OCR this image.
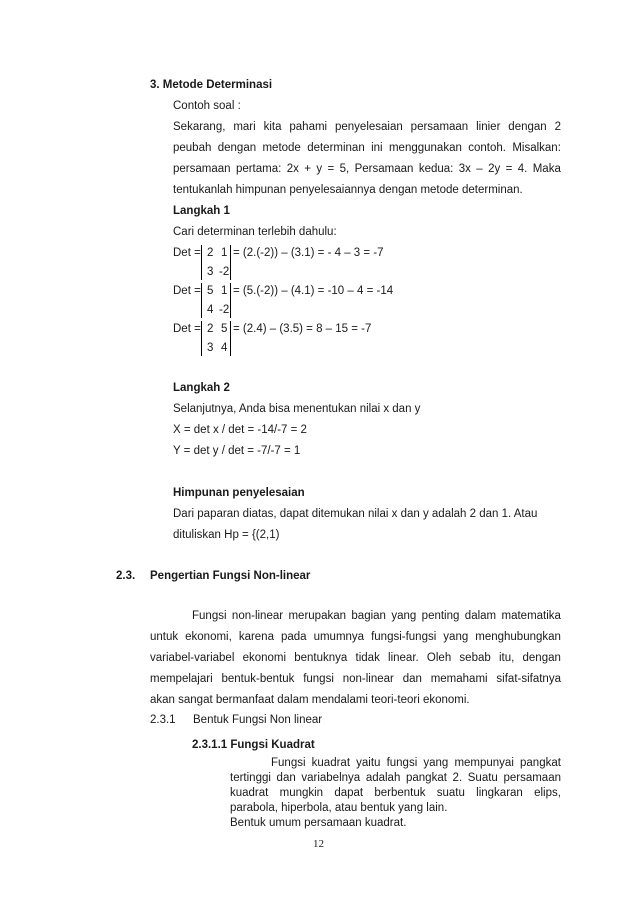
3. Metode Determinasi
Contoh soal :
Sekarang, mari kita pahami penyelesaian persamaan linier dengan 2
peubah dengan metode determinan ini menggunakan contoh. Misalkan:
persamaan pertama: 2x + y = 5, Persamaan kedua: 3x – 2y = 4. Maka
tentukanlah himpunan penyelesaiannya dengan metode determinan.
Langkah 1
Cari determinan terlebih dahulu:
Det = 2 1
3 -2
= (2.(-2)) – (3.1) = - 4 – 3 = -7
Det = 5 1
4 -2
= (5.(-2)) – (4.1) = -10 – 4 = -14
Det = 2 5
3 4
= (2.4) – (3.5) = 8 – 15 = -7
Langkah 2
Selanjutnya, Anda bisa menentukan nilai x dan y
X = det x / det = -14/-7 = 2
Y = det y / det = -7/-7 = 1
Himpunan penyelesaian
Dari paparan diatas, dapat ditemukan nilai x dan y adalah 2 dan 1. Atau
dituliskan Hp = {(2,1)
2.3. Pengertian Fungsi Non-linear
Fungsi non-linear merupakan bagian yang penting dalam matematika
untuk ekonomi, karena pada umumnya fungsi-fungsi yang menghubungkan
variabel-variabel ekonomi bentuknya tidak linear. Oleh sebab itu, dengan
mempelajari bentuk-bentuk fungsi non-linear dan memahami sifat-sifatnya
akan sangat bermanfaat dalam mendalami teori-teori ekonomi.
2.3.1 Bentuk Fungsi Non linear
2.3.1.1 Fungsi Kuadrat
Fungsi kuadrat yaitu fungsi yang mempunyai pangkat
tertinggi dan variabelnya adalah pangkat 2. Suatu persamaan
kuadrat mungkin dapat berbentuk suatu lingkaran elips,
parabola, hiperbola, atau bentuk yang lain.
Bentuk umum persamaan kuadrat.
12
